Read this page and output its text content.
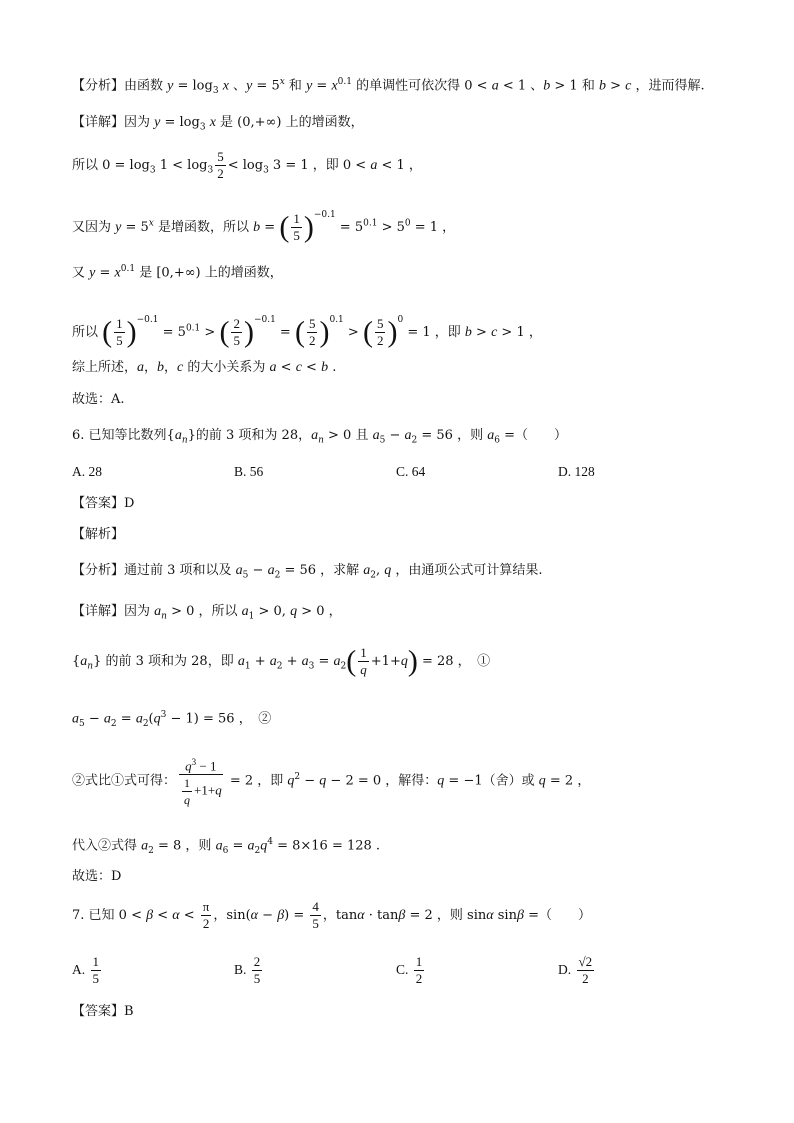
【分析】由函数 $y = \log_3 x$ 、$y = 5^x$ 和 $y = x^{0.1}$ 的单调性可依次得 0 < a < 1 、b > 1 和 b > c ，进而得解.
【详解】因为 $y = \log_3 x$ 是 (0,+∞) 上的增函数，
所以 $0 = \log_3 1 < \log_3 \frac{5}{2} < \log_3 3 = 1$ ，即 0 < a < 1 ，
又因为 $y = 5^x$ 是增函数，所以 b = ( $\frac{1}{5} )^{-0.1} = 5^{0.1} > 5^0 = 1$ ，
又 $y = x^{0.1}$ 是 [0,+∞) 上的增函数，
所以 ( $\frac{1}{5} )^{-0.1} = 5^{0.1}$ > ( $\frac{2}{5} )^{-0.1}$ = ( $\frac{5}{2} )^{0.1}$ > ( $\frac{5}{2} )^0 = 1$ ，即 b > c > 1 ，
综上所述，a，b，c 的大小关系为 a < c < b .
故选：A.
6. 已知等比数列$\{a_n\}$的前 3 项和为 28，$a_n > 0$ 且 $a_5 - a_2 = 56$ ，则 $a_6$ =（　　）
A. 28	B. 56	C. 64	D. 128
【答案】D
【解析】
【分析】通过前 3 项和以及 $a_5 - a_2 = 56$ ，求解 $a_2$, q ，由通项公式可计算结果.
【详解】因为 $a_n > 0$ ，所以 $a_1 > 0$, q > 0 ，
$\{a_n\}$ 的前 3 项和为 28，即 $a_1 + a_2 + a_3 = a_2( \frac{1}{q} +1+q) = 28$ ，　①
$a_5 - a_2 = a_2(q^3 - 1) = 56$ ，　②
②式比①式可得： $\frac{q^3 - 1}{\frac{1}{q} +1+q} = 2$ ，即 $q^2 - q - 2 = 0$ ，解得：q = −1（舍）或 q = 2 ，
代入②式得 $a_2 = 8$ ，则 $a_6 = a_2q^4 = 8\times 16 = 128$ .
故选：D
7. 已知 $0 < \beta < \alpha < \frac{\pi}{2}$ ，$\sin(\alpha - \beta) = \frac{4}{5}$ ，tanα · tanβ = 2 ，则 sinα sinβ =（　　）
A. $\frac{1}{5}$	B. $\frac{2}{5}$	C. $\frac{1}{2}$	D. $\frac{√2}{2}$
【答案】B
